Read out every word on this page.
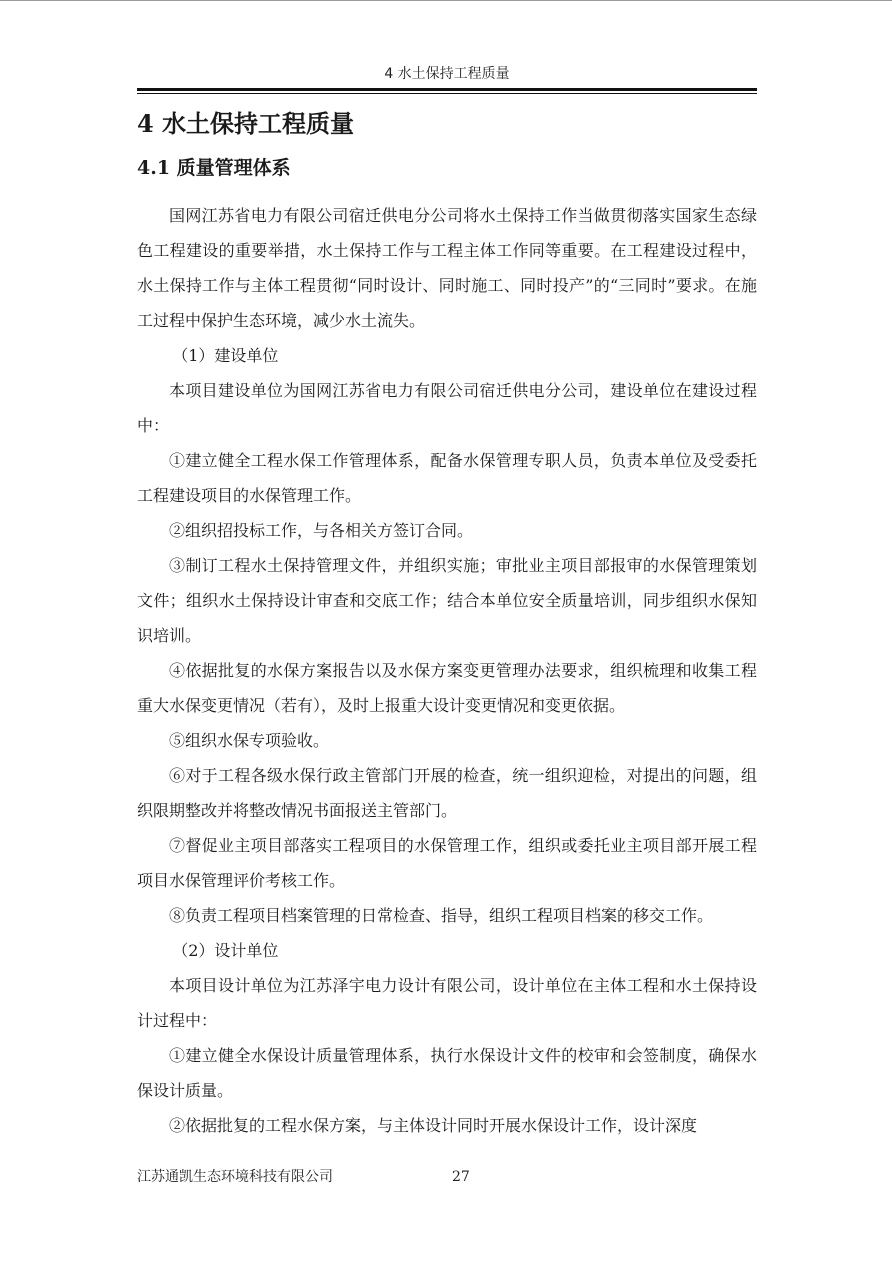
4 水土保持工程质量
4 水土保持工程质量
4.1 质量管理体系

国网江苏省电力有限公司宿迁供电分公司将水土保持工作当做贯彻落实国家生态绿色工程建设的重要举措，水土保持工作与工程主体工作同等重要。在工程建设过程中，水土保持工作与主体工程贯彻“同时设计、同时施工、同时投产”的“三同时”要求。在施工过程中保护生态环境，减少水土流失。

（1）建设单位

本项目建设单位为国网江苏省电力有限公司宿迁供电分公司，建设单位在建设过程中：

①建立健全工程水保工作管理体系，配备水保管理专职人员，负责本单位及受委托工程建设项目的水保管理工作。

②组织招投标工作，与各相关方签订合同。

③制订工程水土保持管理文件，并组织实施；审批业主项目部报审的水保管理策划文件；组织水土保持设计审查和交底工作；结合本单位安全质量培训，同步组织水保知识培训。

④依据批复的水保方案报告以及水保方案变更管理办法要求，组织梳理和收集工程重大水保变更情况（若有），及时上报重大设计变更情况和变更依据。

⑤组织水保专项验收。

⑥对于工程各级水保行政主管部门开展的检查，统一组织迎检，对提出的问题，组织限期整改并将整改情况书面报送主管部门。

⑦督促业主项目部落实工程项目的水保管理工作，组织或委托业主项目部开展工程项目水保管理评价考核工作。

⑧负责工程项目档案管理的日常检查、指导，组织工程项目档案的移交工作。

（2）设计单位

本项目设计单位为江苏泽宇电力设计有限公司，设计单位在主体工程和水土保持设计过程中：

①建立健全水保设计质量管理体系，执行水保设计文件的校审和会签制度，确保水保设计质量。

②依据批复的工程水保方案，与主体设计同时开展水保设计工作，设计深度

江苏通凯生态环境科技有限公司	27
